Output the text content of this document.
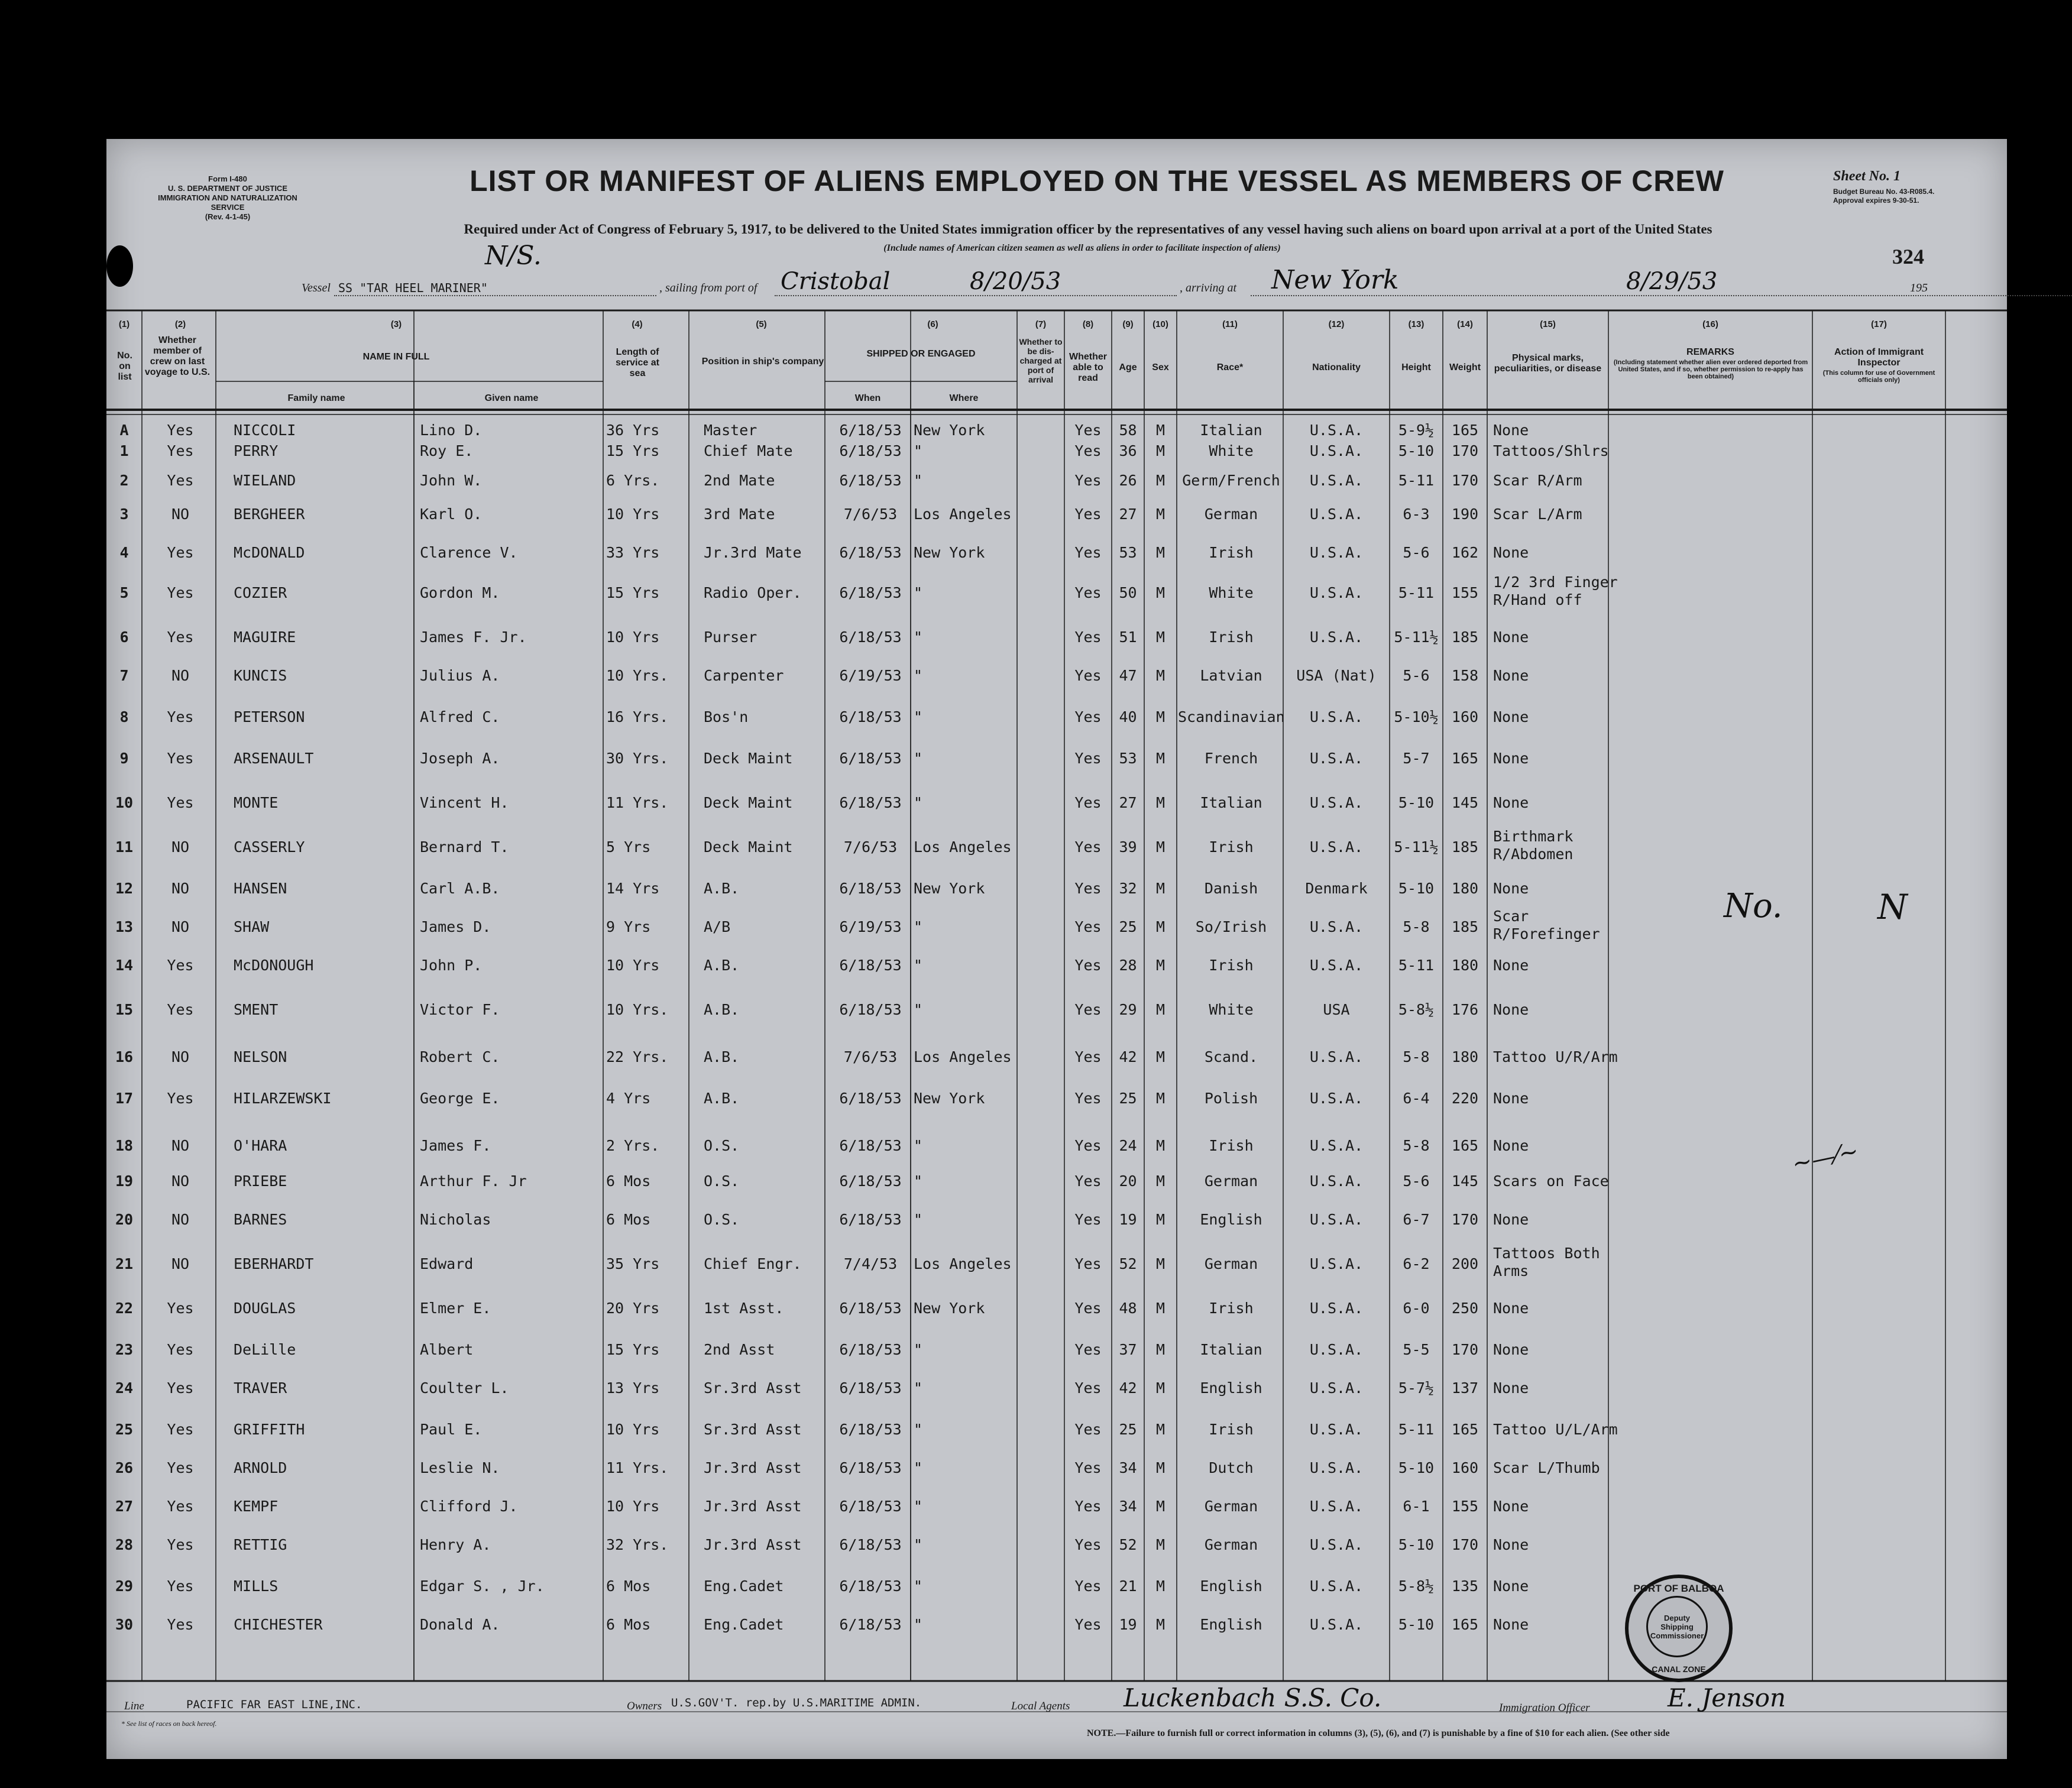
Form I-480
U. S. DEPARTMENT OF JUSTICE
IMMIGRATION AND NATURALIZATION SERVICE
(Rev. 4-1-45)
LIST OR MANIFEST OF ALIENS EMPLOYED ON THE VESSEL AS MEMBERS OF CREW	Sheet No. 1
Budget Bureau No. 43-R085.4.
Approval expires 9-30-51.
324
Required under Act of Congress of February 5, 1917, to be delivered to the United States immigration officer by the representatives of any vessel having such aliens on board upon arrival at a port of the United States
(Include names of American citizen seamen as well as aliens in order to facilitate inspection of aliens)
N/S.
Vessel SS "TAR HEEL MARINER"	, sailing from port of Cristobal	8/20/53	, arriving at New York	8/29/53	195
(1)	(2)	(3)	(4)	(5)	(6)	(7)	(8)	(9)	(10)	(11)	(12)	(13)	(14)	(15)	(16)	(17)
No. on list
Whether member of crew on last voyage to U.S.
NAME IN FULL
Family name	Given name
Length of service at sea
Position in ship's company
SHIPPED OR ENGAGED
When	Where
Whether to be dis-charged at port of arrival
Whether able to read
Age	Sex	Race*	Nationality	Height	Weight
Physical marks, peculiarities, or disease
REMARKS
(Including statement whether alien ever ordered deported from United States, and if so, whether permission to re-apply has been obtained)
Action of Immigrant Inspector
(This column for use of Government officials only)
A	Yes	NICCOLI	Lino D.	36 Yrs	Master	6/18/53 New York	Yes	58	M	Italian	U.S.A.	5-9½	165 None
1	Yes	PERRY	Roy E.	15 Yrs	Chief Mate	6/18/53 "	Yes	36	M	White	U.S.A.	5-10	170 Tattoos/Shlrs
2	Yes	WIELAND	John W.	6 Yrs.	2nd Mate	6/18/53 "	Yes	26	M	Germ/French	U.S.A.	5-11	170 Scar R/Arm
3	NO	BERGHEER	Karl O.	10 Yrs	3rd Mate	7/6/53	Los Angeles	Yes	27	M	German	U.S.A.	6-3	190 Scar L/Arm
4	Yes	McDONALD	Clarence V.	33 Yrs	Jr.3rd Mate	6/18/53 New York	Yes	53	M	Irish	U.S.A.	5-6	162 None
5	Yes	COZIER	Gordon M.	15 Yrs	Radio Oper.	6/18/53 "	Yes	50	M	White	U.S.A.	5-11	155
1/2 3rd Finger R/Hand off
6	Yes	MAGUIRE	James F. Jr.	10 Yrs	Purser	6/18/53 "	Yes	51	M	Irish	U.S.A.	5-11½ 185 None
7	NO	KUNCIS	Julius A.	10 Yrs.	Carpenter	6/19/53 "	Yes	47	M	Latvian	USA (Nat)	5-6	158 None
8	Yes	PETERSON	Alfred C.	16 Yrs.	Bos'n	6/18/53 "	Yes	40	M Scandinavian	U.S.A.	5-10½ 160 None
9	Yes	ARSENAULT	Joseph A.	30 Yrs.	Deck Maint	6/18/53 "	Yes	53	M	French	U.S.A.	5-7	165 None
10	Yes	MONTE	Vincent H.	11 Yrs.	Deck Maint	6/18/53 "	Yes	27	M	Italian	U.S.A.	5-10	145 None
11	NO	CASSERLY	Bernard T.	5 Yrs	Deck Maint	7/6/53	Los Angeles	Yes	39	M	Irish	U.S.A.	5-11½ 185
Birthmark R/Abdomen
12	NO	HANSEN	Carl A.B.	14 Yrs	A.B.	6/18/53 New York	Yes	32	M	Danish	Denmark	5-10	180 None
13	NO	SHAW	James D.	9 Yrs	A/B	6/19/53 "	Yes	25	M	So/Irish	U.S.A.	5-8	185
Scar R/Forefinger
14	Yes	McDONOUGH	John P.	10 Yrs	A.B.	6/18/53 "	Yes	28	M	Irish	U.S.A.	5-11	180 None
15	Yes	SMENT	Victor F.	10 Yrs.	A.B.	6/18/53 "	Yes	29	M	White	USA	5-8½	176 None
16	NO	NELSON	Robert C.	22 Yrs.	A.B.	7/6/53	Los Angeles	Yes	42	M	Scand.	U.S.A.	5-8	180 Tattoo U/R/Arm
17	Yes	HILARZEWSKI	George E.	4 Yrs	A.B.	6/18/53 New York	Yes	25	M	Polish	U.S.A.	6-4	220 None
18	NO	O'HARA	James F.	2 Yrs.	O.S.	6/18/53 "	Yes	24	M	Irish	U.S.A.	5-8	165 None
19	NO	PRIEBE	Arthur F. Jr	6 Mos	O.S.	6/18/53 "	Yes	20	M	German	U.S.A.	5-6	145 Scars on Face
20	NO	BARNES	Nicholas	6 Mos	O.S.	6/18/53 "	Yes	19	M	English	U.S.A.	6-7	170 None
21	NO	EBERHARDT	Edward	35 Yrs	Chief Engr.	7/4/53	Los Angeles	Yes	52	M	German	U.S.A.	6-2	200
Tattoos Both Arms
22	Yes	DOUGLAS	Elmer E.	20 Yrs	1st Asst.	6/18/53 New York	Yes	48	M	Irish	U.S.A.	6-0	250 None
23	Yes	DeLille	Albert	15 Yrs	2nd Asst	6/18/53 "	Yes	37	M	Italian	U.S.A.	5-5	170 None
24	Yes	TRAVER	Coulter L.	13 Yrs	Sr.3rd Asst	6/18/53 "	Yes	42	M	English	U.S.A.	5-7½	137 None
25	Yes	GRIFFITH	Paul E.	10 Yrs	Sr.3rd Asst	6/18/53 "	Yes	25	M	Irish	U.S.A.	5-11	165 Tattoo U/L/Arm
26	Yes	ARNOLD	Leslie N.	11 Yrs.	Jr.3rd Asst	6/18/53 "	Yes	34	M	Dutch	U.S.A.	5-10	160 Scar L/Thumb
27	Yes	KEMPF	Clifford J.	10 Yrs	Jr.3rd Asst	6/18/53 "	Yes	34	M	German	U.S.A.	6-1	155 None
28	Yes	RETTIG	Henry A.	32 Yrs.	Jr.3rd Asst	6/18/53 "	Yes	52	M	German	U.S.A.	5-10	170 None
29	Yes	MILLS	Edgar S. , Jr.	6 Mos	Eng.Cadet	6/18/53 "	Yes	21	M	English	U.S.A.	5-8½	135 None
30	Yes	CHICHESTER	Donald A.	6 Mos	Eng.Cadet	6/18/53 "	Yes	19	M	English	U.S.A.	5-10	165 None
No.	N
~—⁄~
Line	PACIFIC FAR EAST LINE,INC.
* See list of races on back hereof.
Owners U.S.GOV'T. rep.by U.S.MARITIME ADMIN.	Local Agents Luckenbach S.S. Co.	Immigration Officer	E. Jenson
NOTE.—Failure to furnish full or correct information in columns (3), (5), (6), and (7) is punishable by a fine of $10 for each alien. (See other side
PORT OF BALBOA
Deputy Shipping Commissioner
CANAL ZONE
